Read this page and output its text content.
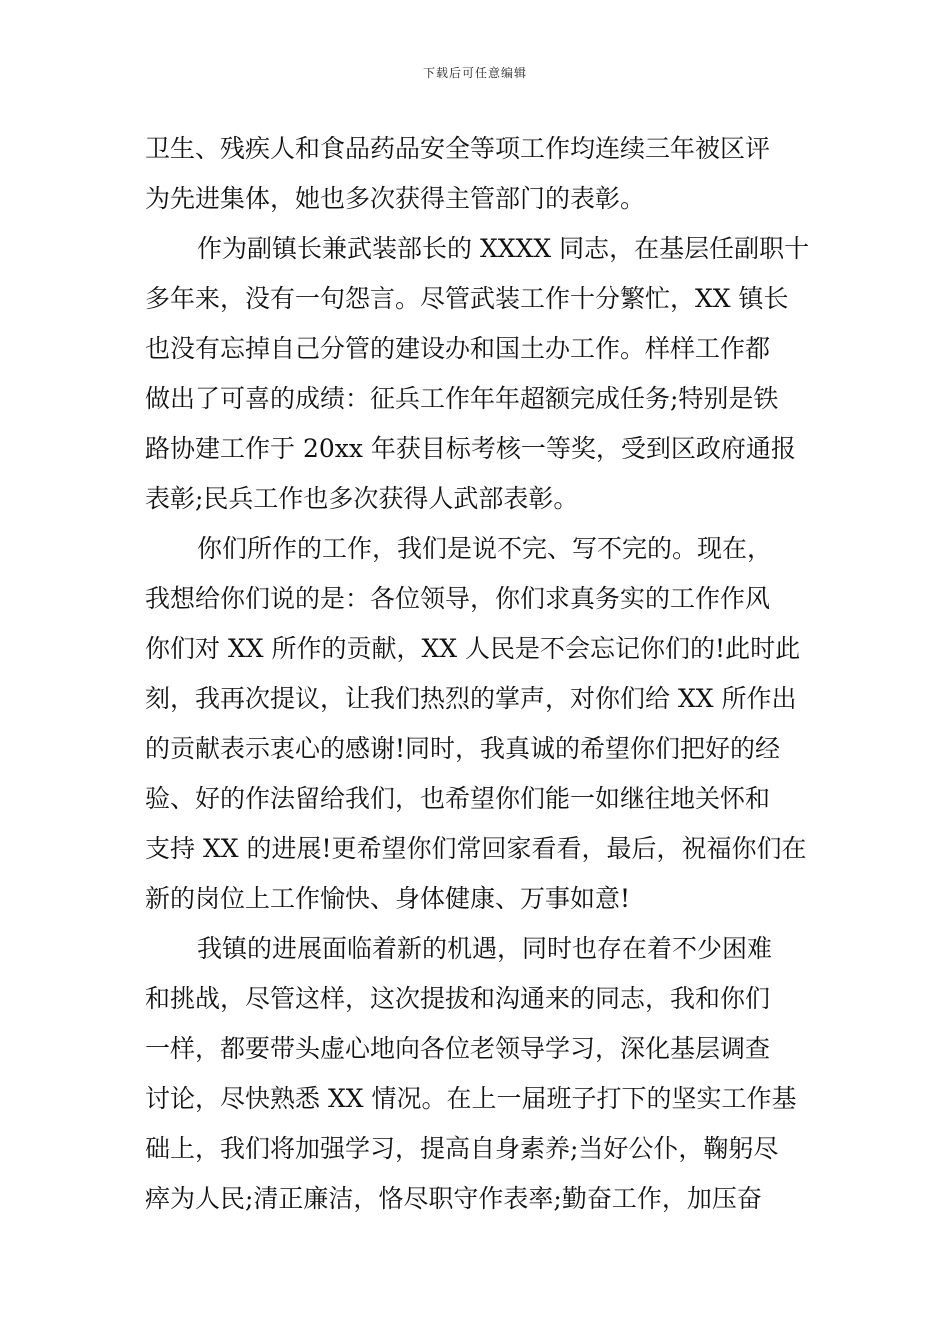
下载后可任意编辑
卫生、残疾人和食品药品安全等项工作均连续三年被区评
为先进集体，她也多次获得主管部门的表彰。
作为副镇长兼武装部长的 XXXX 同志，在基层任副职十
多年来，没有一句怨言。尽管武装工作十分繁忙，XX 镇长
也没有忘掉自己分管的建设办和国土办工作。样样工作都
做出了可喜的成绩：征兵工作年年超额完成任务;特别是铁
路协建工作于 20xx 年获目标考核一等奖，受到区政府通报
表彰;民兵工作也多次获得人武部表彰。
你们所作的工作，我们是说不完、写不完的。现在，
我想给你们说的是：各位领导，你们求真务实的工作作风
你们对 XX 所作的贡献，XX 人民是不会忘记你们的!此时此
刻，我再次提议，让我们热烈的掌声，对你们给 XX 所作出
的贡献表示衷心的感谢!同时，我真诚的希望你们把好的经
验、好的作法留给我们，也希望你们能一如继往地关怀和
支持 XX 的进展!更希望你们常回家看看，最后，祝福你们在
新的岗位上工作愉快、身体健康、万事如意!
我镇的进展面临着新的机遇，同时也存在着不少困难
和挑战，尽管这样，这次提拔和沟通来的同志，我和你们
一样，都要带头虚心地向各位老领导学习，深化基层调查
讨论，尽快熟悉 XX 情况。在上一届班子打下的坚实工作基
础上，我们将加强学习，提高自身素养;当好公仆，鞠躬尽
瘁为人民;清正廉洁，恪尽职守作表率;勤奋工作，加压奋
